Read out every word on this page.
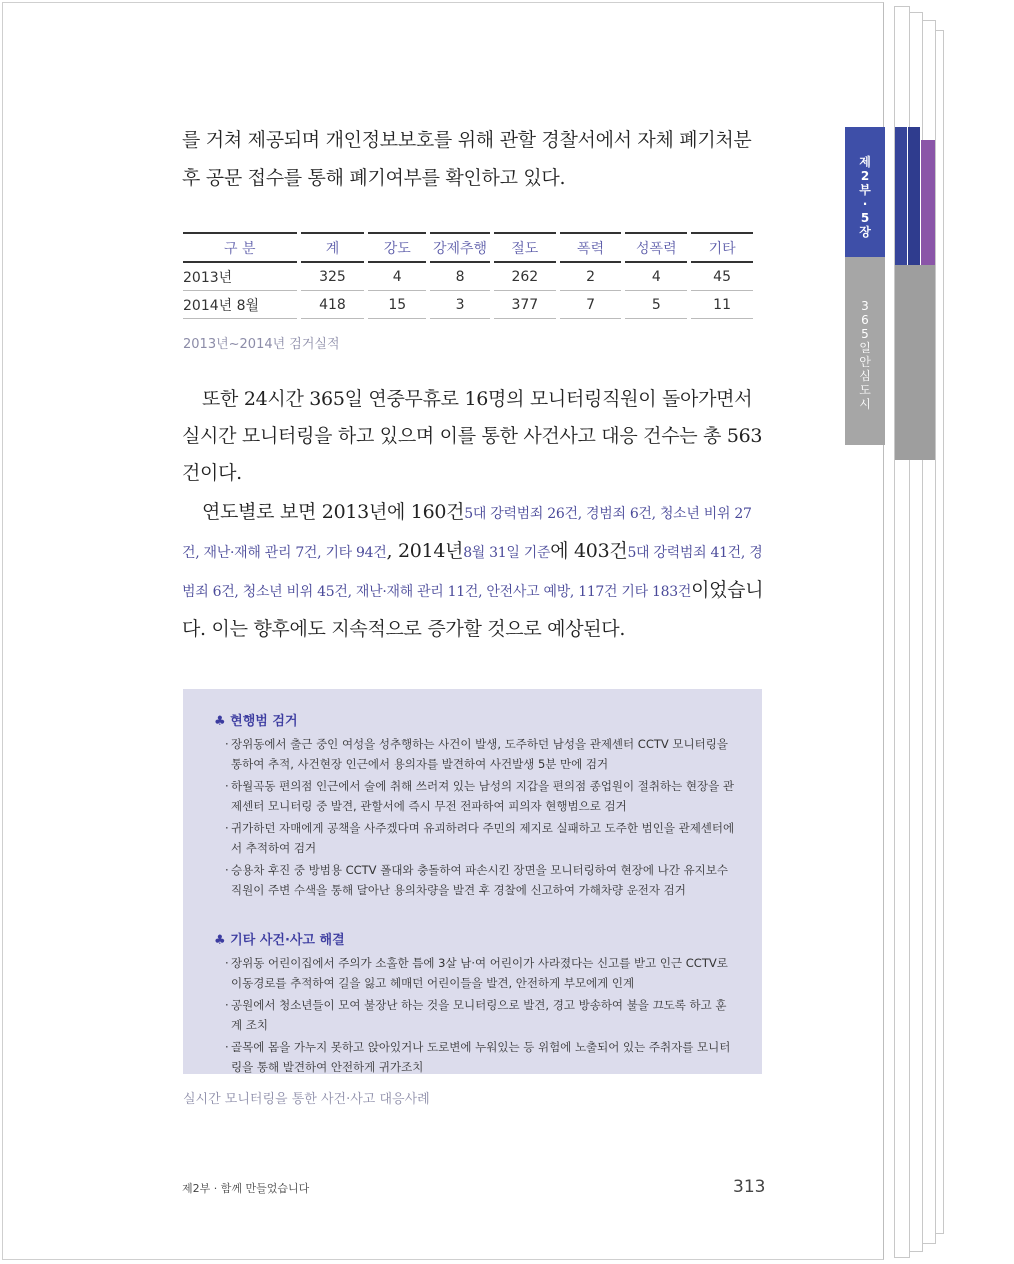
제
2
부
·
5
장
3
6
5
일
안
심
도
시

를 거쳐 제공되며 개인정보보호를 위해 관할 경찰서에서 자체 폐기처분 후 공문 접수를 통해 폐기여부를 확인하고 있다.

구 분	계	강도	강제추행	절도	폭력	성폭력	기타
2013년	325	4	8	262	2	4	45
2014년 8월	418	15	3	377	7	5	11
2013년~2014년 검거실적

또한 24시간 365일 연중무휴로 16명의 모니터링직원이 돌아가면서 실시간 모니터링을 하고 있으며 이를 통한 사건사고 대응 건수는 총 563건이다.

연도별로 보면 2013년에 160건5대 강력범죄 26건, 경범죄 6건, 청소년 비위 27건, 재난·재해 관리 7건, 기타 94건, 2014년8월 31일 기준에 403건5대 강력범죄 41건, 경범죄 6건, 청소년 비위 45건, 재난·재해 관리 11건, 안전사고 예방, 117건 기타 183건이었습니다. 이는 향후에도 지속적으로 증가할 것으로 예상된다.

♣ 현행범 검거
· 장위동에서 출근 중인 여성을 성추행하는 사건이 발생, 도주하던 남성을 관제센터 CCTV 모니터링을 통하여 추적, 사건현장 인근에서 용의자를 발견하여 사건발생 5분 만에 검거
· 하월곡동 편의점 인근에서 술에 취해 쓰러져 있는 남성의 지갑을 편의점 종업원이 절취하는 현장을 관제센터 모니터링 중 발견, 관할서에 즉시 무전 전파하여 피의자 현행범으로 검거
· 귀가하던 자매에게 공책을 사주겠다며 유괴하려다 주민의 제지로 실패하고 도주한 범인을 관제센터에서 추적하여 검거
· 승용차 후진 중 방범용 CCTV 폴대와 충돌하여 파손시킨 장면을 모니터링하여 현장에 나간 유지보수 직원이 주변 수색을 통해 달아난 용의차량을 발견 후 경찰에 신고하여 가해차량 운전자 검거
♣ 기타 사건·사고 해결
· 장위동 어린이집에서 주의가 소홀한 틈에 3살 남·여 어린이가 사라졌다는 신고를 받고 인근 CCTV로 이동경로를 추적하여 길을 잃고 헤매던 어린이들을 발견, 안전하게 부모에게 인계
· 공원에서 청소년들이 모여 불장난 하는 것을 모니터링으로 발견, 경고 방송하여 불을 끄도록 하고 훈계 조치
· 골목에 몸을 가누지 못하고 앉아있거나 도로변에 누워있는 등 위험에 노출되어 있는 주취자를 모니터링을 통해 발견하여 안전하게 귀가조치
실시간 모니터링을 통한 사건·사고 대응사례
제2부 · 함께 만들었습니다	313
